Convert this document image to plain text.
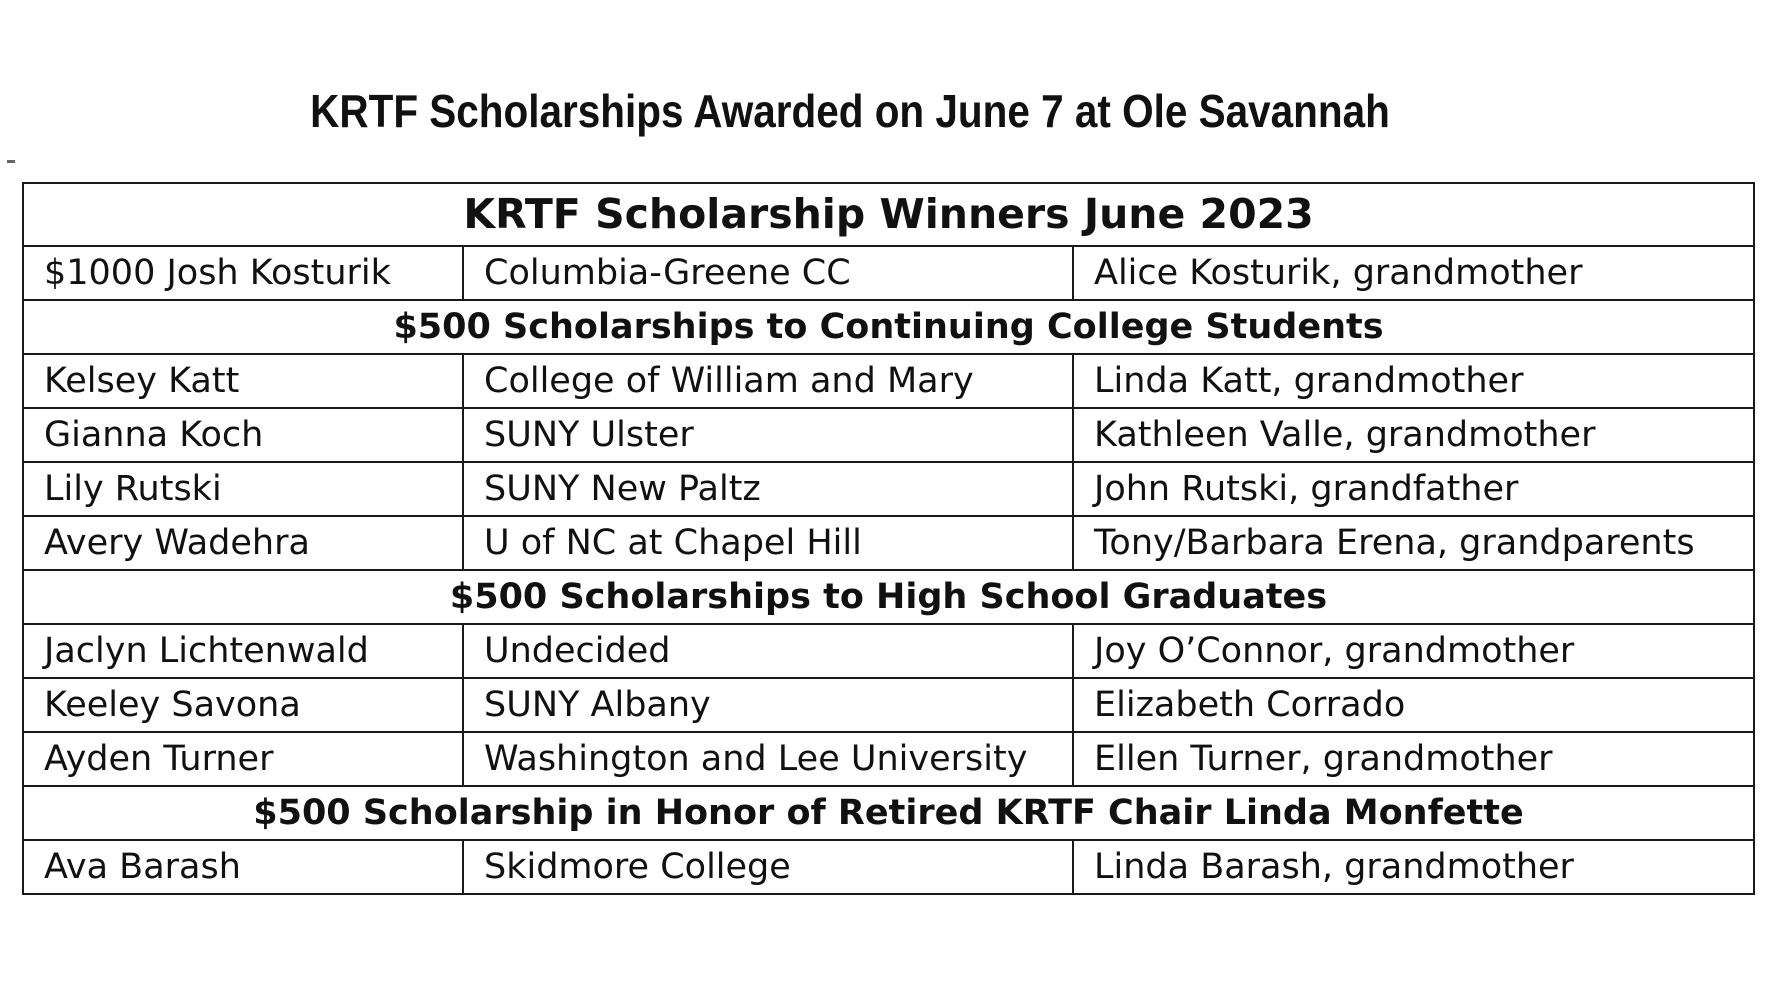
KRTF Scholarships Awarded on June 7 at Ole Savannah
KRTF Scholarship Winners June 2023		
$1000 Josh Kosturik	Columbia-Greene CC	Alice Kosturik, grandmother
$500 Scholarships to Continuing College Students		
Kelsey Katt	College of William and Mary	Linda Katt, grandmother
Gianna Koch	SUNY Ulster	Kathleen Valle, grandmother
Lily Rutski	SUNY New Paltz	John Rutski, grandfather
Avery Wadehra	U of NC at Chapel Hill	Tony/Barbara Erena, grandparents
$500 Scholarships to High School Graduates		
Jaclyn Lichtenwald	Undecided	Joy O’Connor, grandmother
Keeley Savona	SUNY Albany	Elizabeth Corrado
Ayden Turner	Washington and Lee University	Ellen Turner, grandmother
$500 Scholarship in Honor of Retired KRTF Chair Linda Monfette		
Ava Barash	Skidmore College	Linda Barash, grandmother
